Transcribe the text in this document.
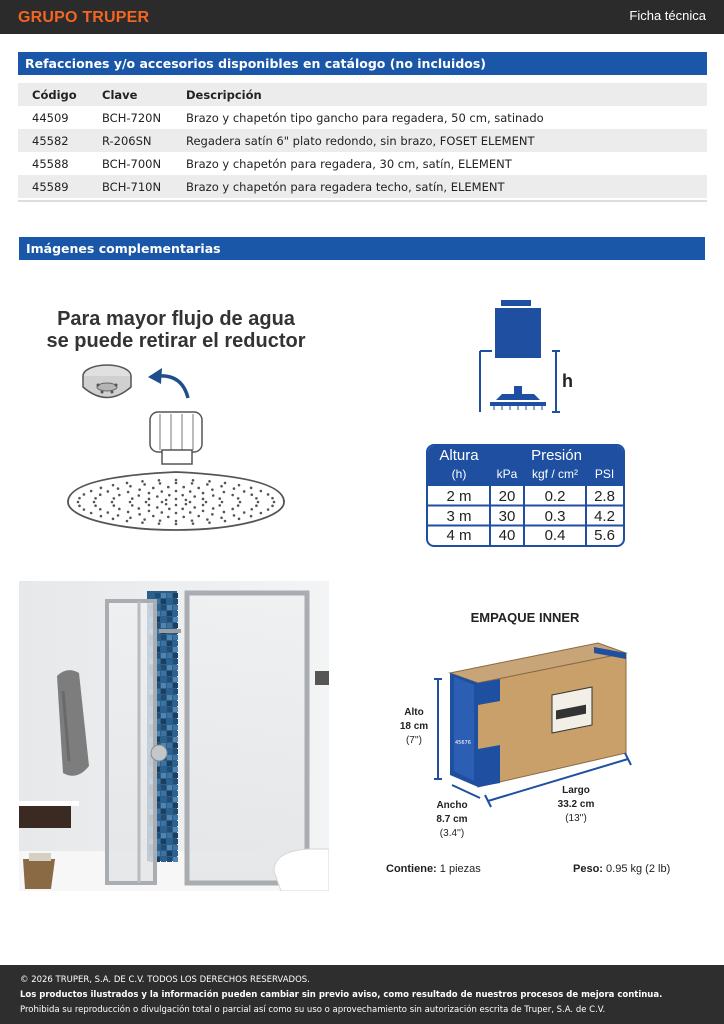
GRUPO TRUPER	Ficha técnica
Refacciones y/o accesorios disponibles en catálogo (no incluidos)
Código	Clave	Descripción
44509	BCH-720N	Brazo y chapetón tipo gancho para regadera, 50 cm, satinado
45582	R-206SN	Regadera satín 6" plato redondo, sin brazo, FOSET ELEMENT
45588	BCH-700N	Brazo y chapetón para regadera, 30 cm, satín, ELEMENT
45589	BCH-710N	Brazo y chapetón para regadera techo, satín, ELEMENT
Imágenes complementarias
Para mayor flujo de agua
se puede retirar el reductor
h
Altura	Presión
(h)	kPa	kgf / cm²	PSI
2 m	20	0.2	2.8
3 m	30	0.3	4.2
4 m	40	0.4	5.6
EMPAQUE INNER
45676
Alto
18 cm
(7'')
Ancho
8.7 cm
(3.4'')
Largo
33.2 cm
(13'')
Contiene: 1 piezas	Peso: 0.95 kg (2 lb)
© 2026 TRUPER, S.A. DE C.V. TODOS LOS DERECHOS RESERVADOS.
Los productos ilustrados y la información pueden cambiar sin previo aviso, como resultado de nuestros procesos de mejora continua.
Prohibida su reproducción o divulgación total o parcial así como su uso o aprovechamiento sin autorización escrita de Truper, S.A. de C.V.
